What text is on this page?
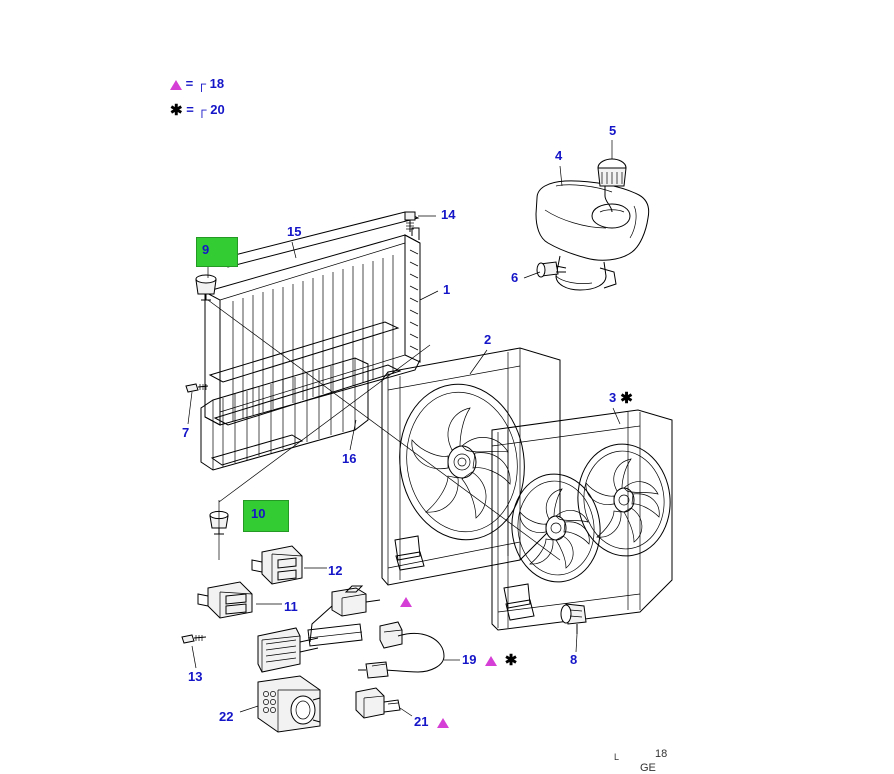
= ┌ 18
✱ = ┌ 20
1
2
3 ✱
4
5
6
7
8
9
10
11
12
13
14
15
16
19 ✱
21
22
L	18
GE
